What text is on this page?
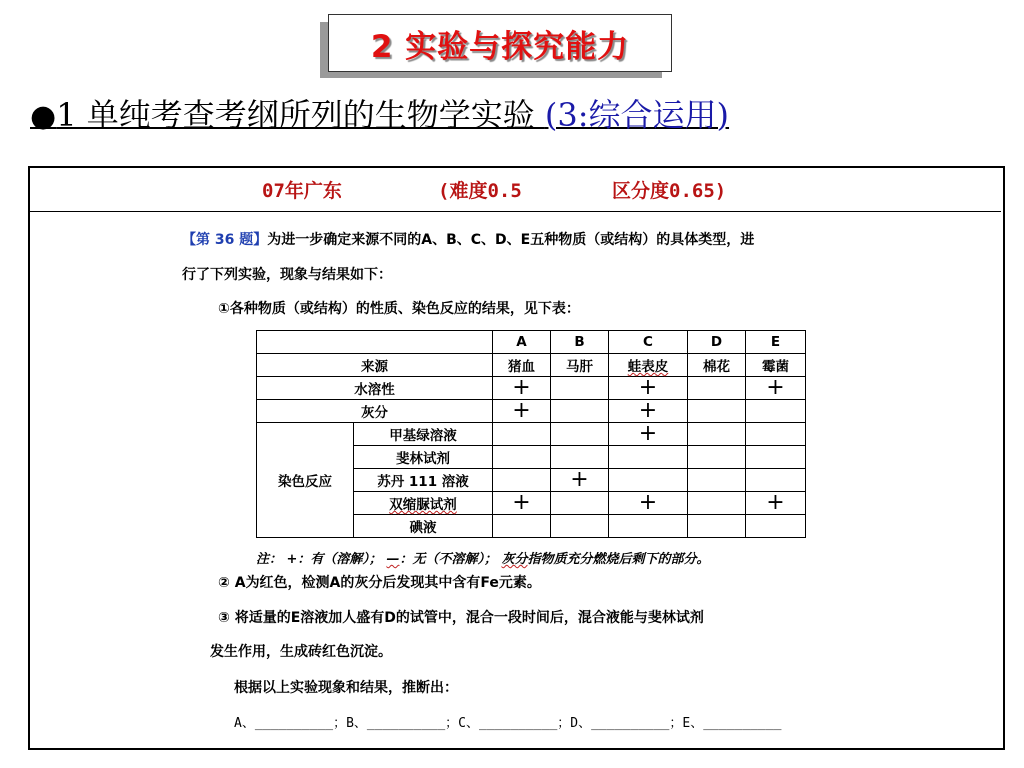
2 实验与探究能力
●1 单纯考查考纲所列的生物学实验 (3:综合运用)
07年广东	(难度0.5	区分度0.65)
【第 36 题】为进一步确定来源不同的A、B、C、D、E五种物质（或结构）的具体类型，进
行了下列实验，现象与结果如下：
①各种物质（或结构）的性质、染色反应的结果，见下表：
		A	B	C	D	E
来源		猪血	马肝	蛙表皮	棉花	霉菌
水溶性		+		+		+
灰分		+		+		
染色反应	甲基绿溶液			+		
	斐林试剂					
	苏丹 111 溶液		+			
	双缩脲试剂	+		+		+
	碘液					
注： +：有（溶解）； —：无（不溶解）； 灰分指物质充分燃烧后剩下的部分。
② A为红色，检测A的灰分后发现其中含有Fe元素。
③ 将适量的E溶液加人盛有D的试管中，混合一段时间后，混合液能与斐林试剂
发生作用，生成砖红色沉淀。
根据以上实验现象和结果，推断出：
A、__________；B、__________；C、__________；D、__________；E、__________
